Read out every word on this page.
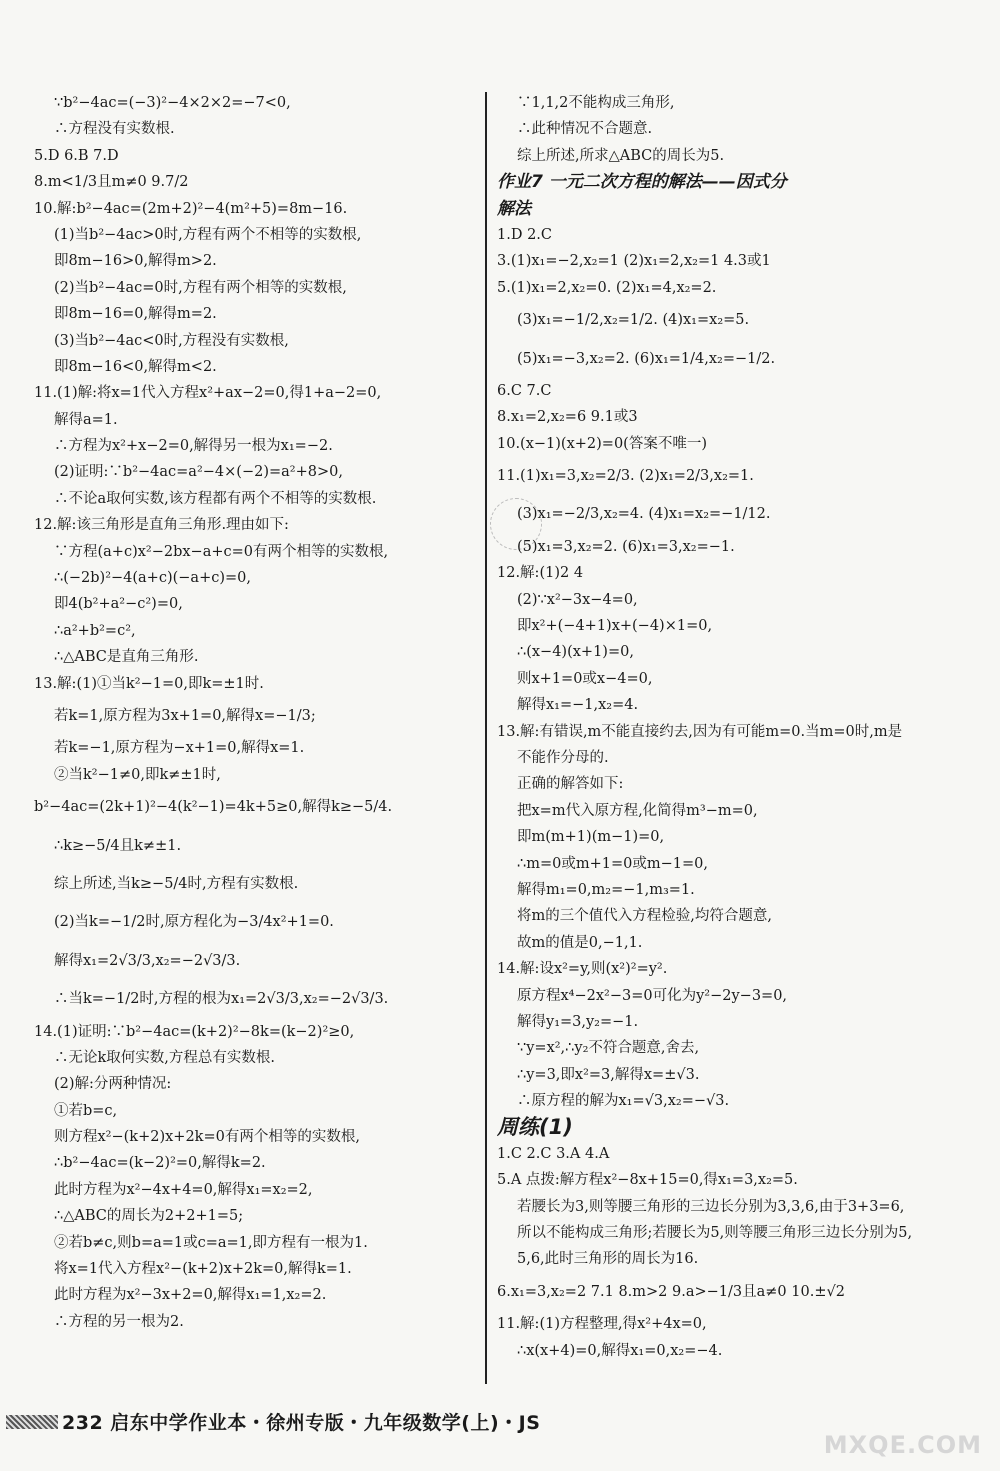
∵b²−4ac=(−3)²−4×2×2=−7<0,
∴方程没有实数根.
5.D 6.B 7.D
8.m<1/3且m≠0 9.7/2
10.解:b²−4ac=(2m+2)²−4(m²+5)=8m−16.
(1)当b²−4ac>0时,方程有两个不相等的实数根,
即8m−16>0,解得m>2.
(2)当b²−4ac=0时,方程有两个相等的实数根,
即8m−16=0,解得m=2.
(3)当b²−4ac<0时,方程没有实数根,
即8m−16<0,解得m<2.
11.(1)解:将x=1代入方程x²+ax−2=0,得1+a−2=0,
解得a=1.
∴方程为x²+x−2=0,解得另一根为x₁=−2.
(2)证明:∵b²−4ac=a²−4×(−2)=a²+8>0,
∴不论a取何实数,该方程都有两个不相等的实数根.
12.解:该三角形是直角三角形.理由如下:
∵方程(a+c)x²−2bx−a+c=0有两个相等的实数根,
∴(−2b)²−4(a+c)(−a+c)=0,
即4(b²+a²−c²)=0,
∴a²+b²=c²,
∴△ABC是直角三角形.
13.解:(1)①当k²−1=0,即k=±1时.
若k=1,原方程为3x+1=0,解得x=−1/3;
若k=−1,原方程为−x+1=0,解得x=1.
②当k²−1≠0,即k≠±1时,
b²−4ac=(2k+1)²−4(k²−1)=4k+5≥0,解得k≥−5/4.
∴k≥−5/4且k≠±1.
综上所述,当k≥−5/4时,方程有实数根.
(2)当k=−1/2时,原方程化为−3/4x²+1=0.
解得x₁=2√3/3,x₂=−2√3/3.
∴当k=−1/2时,方程的根为x₁=2√3/3,x₂=−2√3/3.
14.(1)证明:∵b²−4ac=(k+2)²−8k=(k−2)²≥0,
∴无论k取何实数,方程总有实数根.
(2)解:分两种情况:
①若b=c,
则方程x²−(k+2)x+2k=0有两个相等的实数根,
∴b²−4ac=(k−2)²=0,解得k=2.
此时方程为x²−4x+4=0,解得x₁=x₂=2,
∴△ABC的周长为2+2+1=5;
②若b≠c,则b=a=1或c=a=1,即方程有一根为1.
将x=1代入方程x²−(k+2)x+2k=0,解得k=1.
此时方程为x²−3x+2=0,解得x₁=1,x₂=2.
∴方程的另一根为2.
∵1,1,2不能构成三角形,
∴此种情况不合题意.
综上所述,所求△ABC的周长为5.
作业7 一元二次方程的解法——因式分
解法
1.D 2.C
3.(1)x₁=−2,x₂=1 (2)x₁=2,x₂=1 4.3或1
5.(1)x₁=2,x₂=0. (2)x₁=4,x₂=2.
(3)x₁=−1/2,x₂=1/2. (4)x₁=x₂=5.
(5)x₁=−3,x₂=2. (6)x₁=1/4,x₂=−1/2.
6.C 7.C
8.x₁=2,x₂=6 9.1或3
10.(x−1)(x+2)=0(答案不唯一)
11.(1)x₁=3,x₂=2/3. (2)x₁=2/3,x₂=1.
(3)x₁=−2/3,x₂=4. (4)x₁=x₂=−1/12.
(5)x₁=3,x₂=2. (6)x₁=3,x₂=−1.
12.解:(1)2 4
(2)∵x²−3x−4=0,
即x²+(−4+1)x+(−4)×1=0,
∴(x−4)(x+1)=0,
则x+1=0或x−4=0,
解得x₁=−1,x₂=4.
13.解:有错误,m不能直接约去,因为有可能m=0.当m=0时,m是
不能作分母的.
正确的解答如下:
把x=m代入原方程,化简得m³−m=0,
即m(m+1)(m−1)=0,
∴m=0或m+1=0或m−1=0,
解得m₁=0,m₂=−1,m₃=1.
将m的三个值代入方程检验,均符合题意,
故m的值是0,−1,1.
14.解:设x²=y,则(x²)²=y².
原方程x⁴−2x²−3=0可化为y²−2y−3=0,
解得y₁=3,y₂=−1.
∵y=x²,∴y₂不符合题意,舍去,
∴y=3,即x²=3,解得x=±√3.
∴原方程的解为x₁=√3,x₂=−√3.
周练(1)
1.C 2.C 3.A 4.A
5.A 点拨:解方程x²−8x+15=0,得x₁=3,x₂=5.
若腰长为3,则等腰三角形的三边长分别为3,3,6,由于3+3=6,
所以不能构成三角形;若腰长为5,则等腰三角形三边长分别为5,
5,6,此时三角形的周长为16.
6.x₁=3,x₂=2 7.1 8.m>2 9.a>−1/3且a≠0 10.±√2
11.解:(1)方程整理,得x²+4x=0,
∴x(x+4)=0,解得x₁=0,x₂=−4.
232 启东中学作业本・徐州专版・九年级数学(上)・JS
MXQE.COM
